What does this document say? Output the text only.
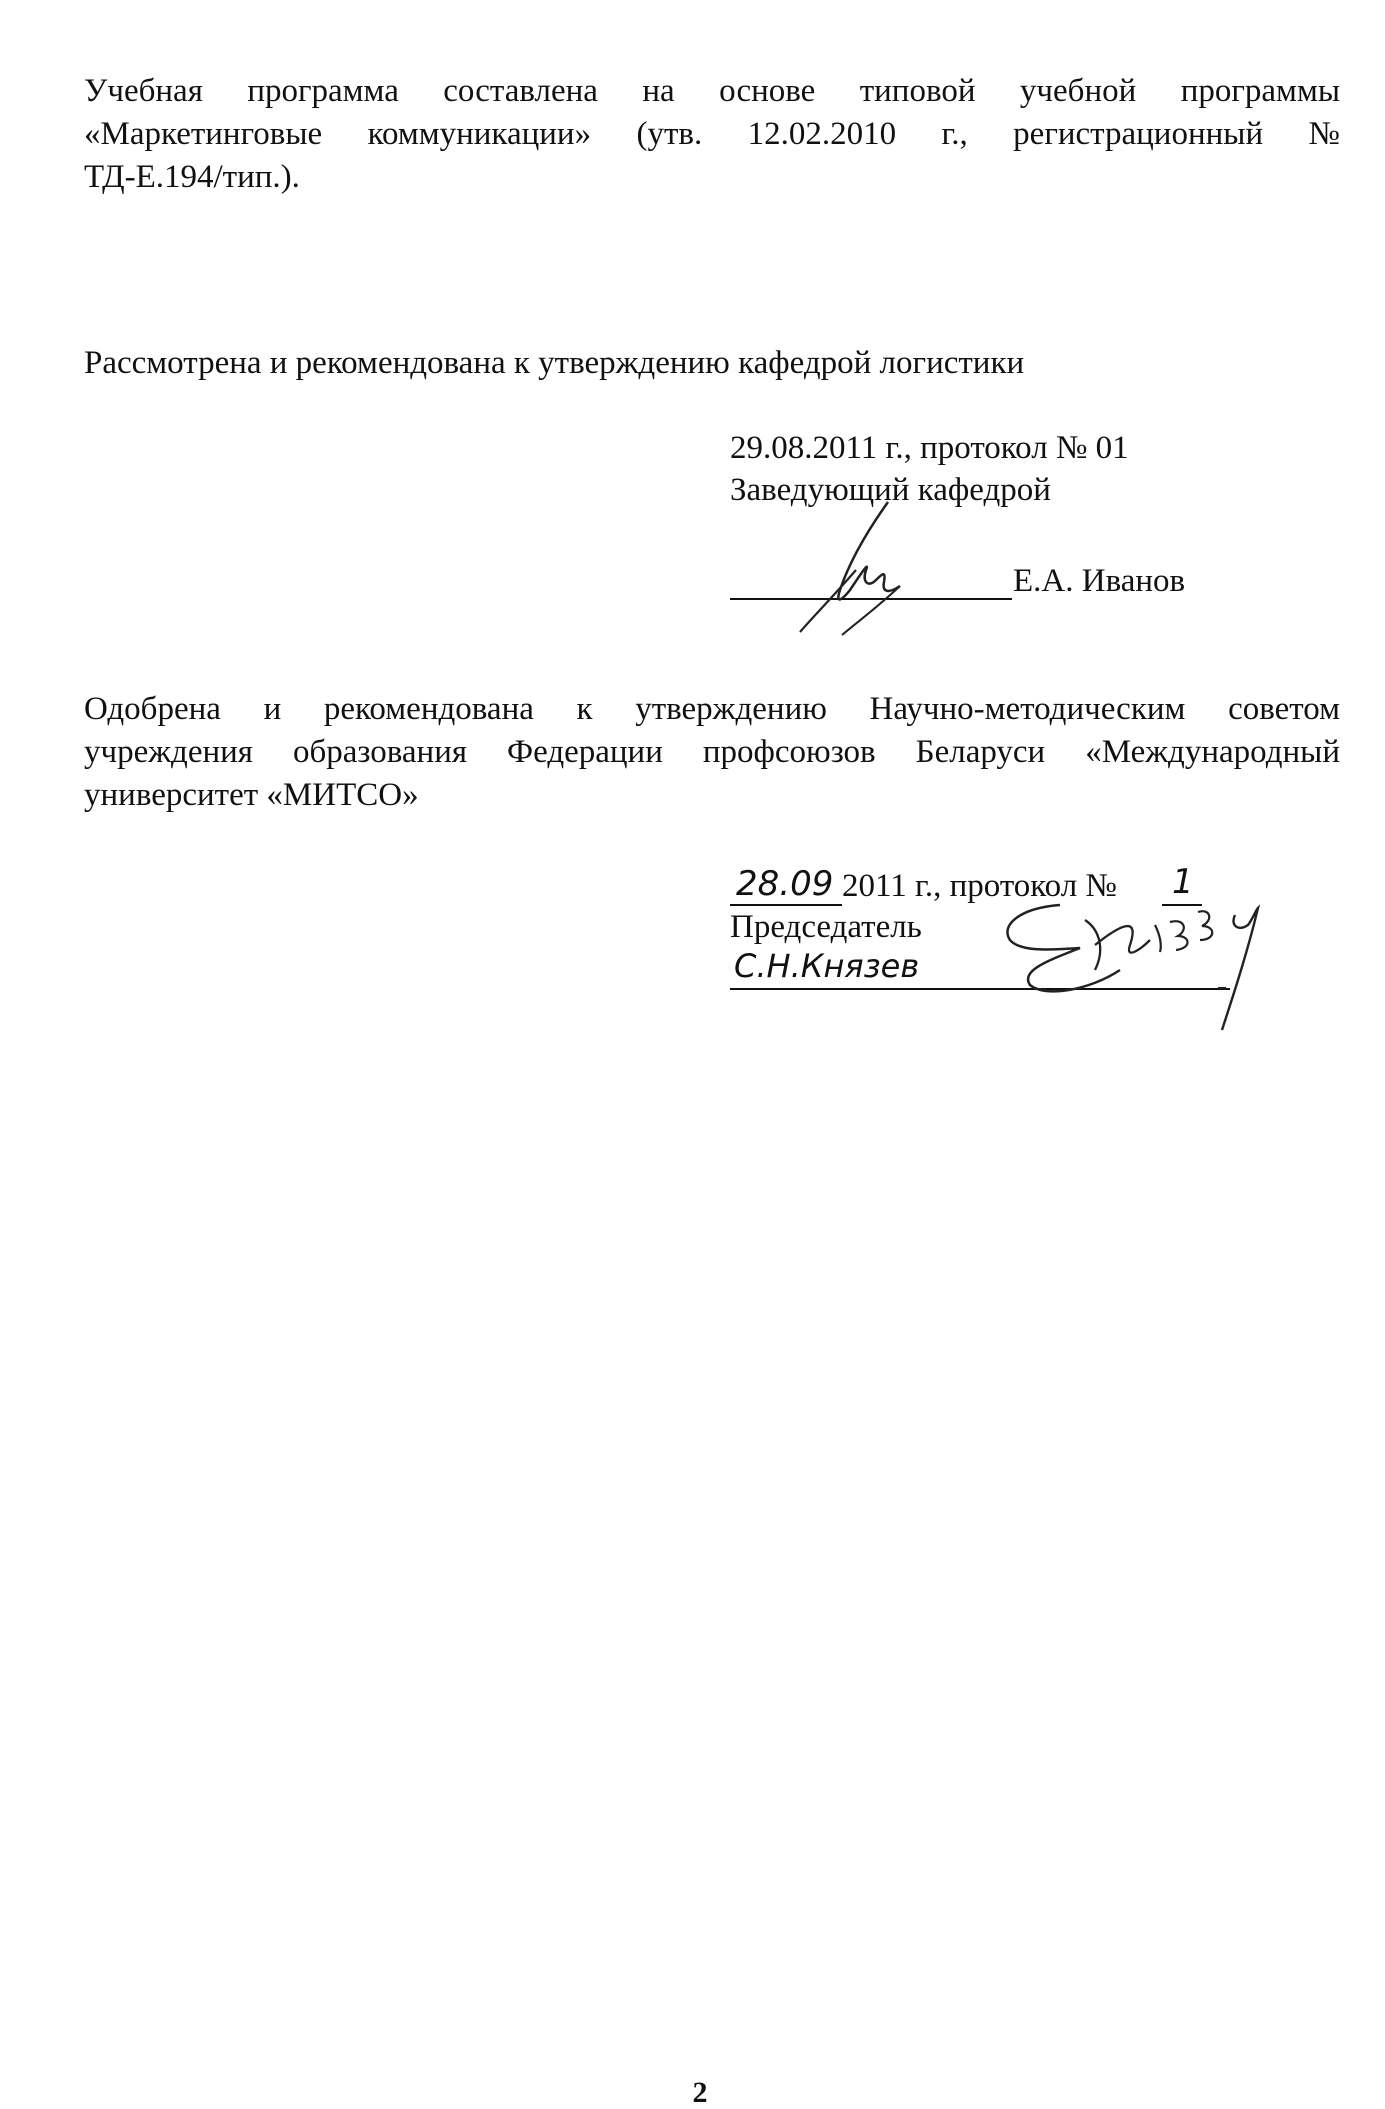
Учебная программа составлена на основе типовой учебной программы
«Маркетинговые коммуникации» (утв. 12.02.2010 г., регистрационный №
ТД-Е.194/тип.).
Рассмотрена и рекомендована к утверждению кафедрой логистики
29.08.2011 г., протокол № 01
Заведующий кафедрой
Е.А. Иванов
Одобрена и рекомендована к утверждению Научно-методическим советом
учреждения образования Федерации профсоюзов Беларуси «Международный
университет «МИТСО»
28.09 2011 г., протокол № 1
Председатель
С.Н.Князев
2
